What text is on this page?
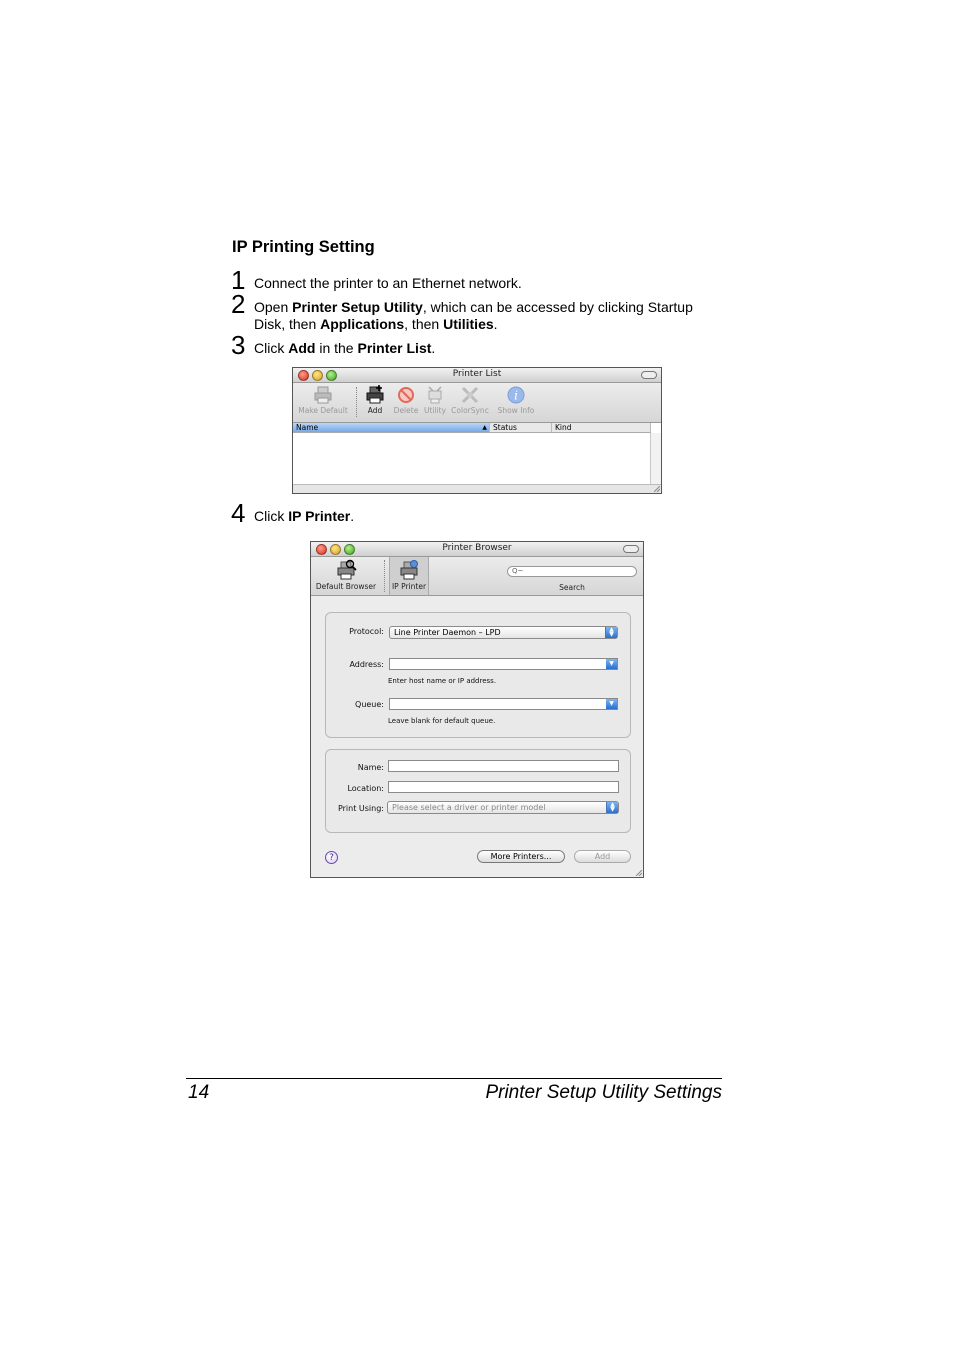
IP Printing Setting
1 Connect the printer to an Ethernet network.
2 Open Printer Setup Utility, which can be accessed by clicking Startup
Disk, then Applications, then Utilities.
3 Click Add in the Printer List.
Printer List
Make Default	Add	Delete Utility ColorSync
i
Show Info
Name	▲ Status	Kind
4 Click IP Printer.
Printer Browser
Default Browser	IP Printer
Q~
Search
Protocol:	Line Printer Daemon – LPD	▲
▼
Address:	▼
Enter host name or IP address.
Queue:	▼
Leave blank for default queue.
Name:
Location:
Print Using:	Please select a driver or printer model	▲
▼
?	More Printers...	Add
14	Printer Setup Utility Settings
